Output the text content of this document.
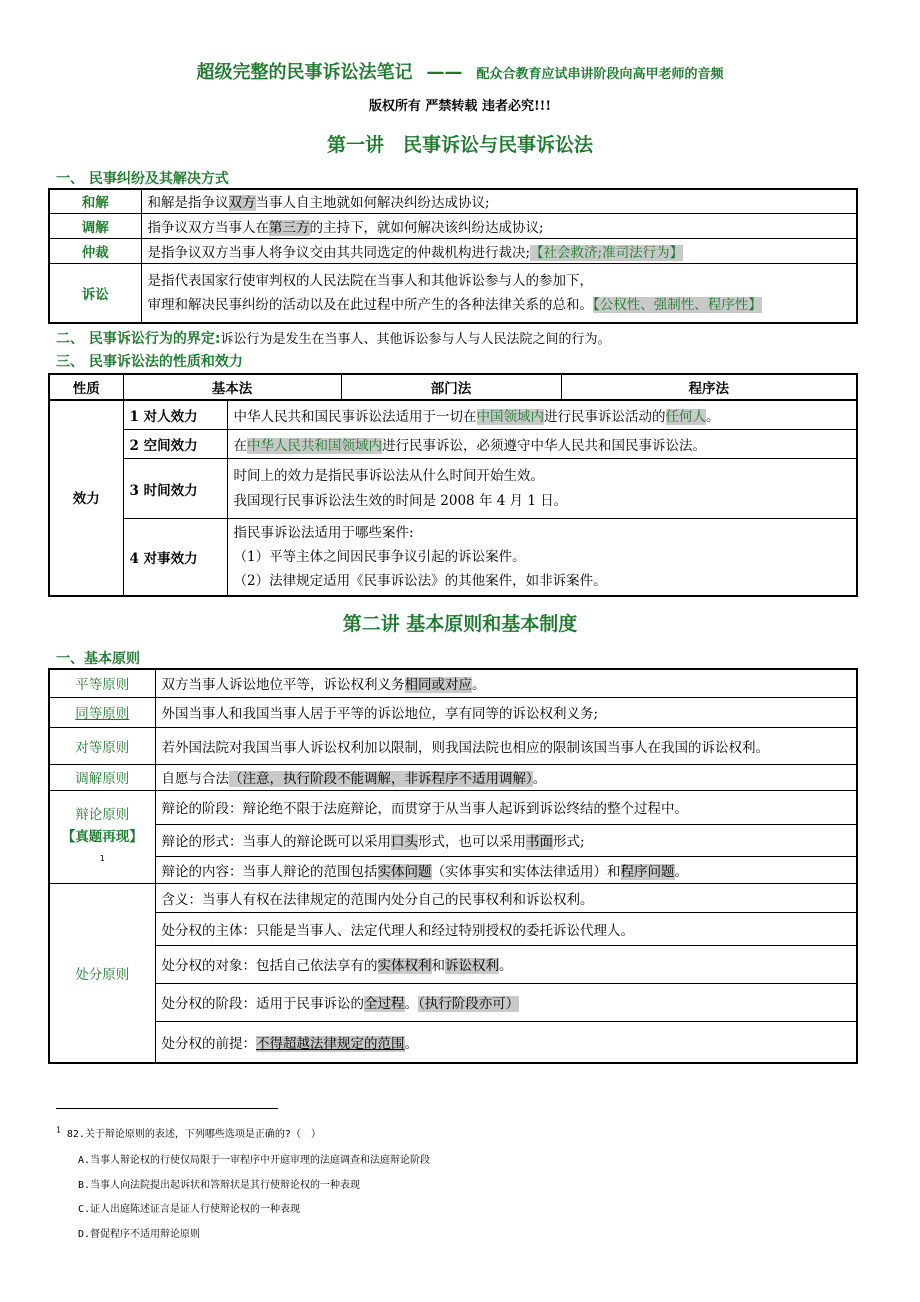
超级完整的民事诉讼法笔记 —— 配众合教育应试串讲阶段向高甲老师的音频
版权所有 严禁转载 违者必究!!!
第一讲　民事诉讼与民事诉讼法
一、 民事纠纷及其解决方式
和解	和解是指争议双方当事人自主地就如何解决纠纷达成协议;
调解	指争议双方当事人在第三方的主持下，就如何解决该纠纷达成协议;
仲裁	是指争议双方当事人将争议交由其共同选定的仲裁机构进行裁决;【社会救济;准司法行为】
诉讼	是指代表国家行使审判权的人民法院在当事人和其他诉讼参与人的参加下，
审理和解决民事纠纷的活动以及在此过程中所产生的各种法律关系的总和。【公权性、强制性、程序性】
二、 民事诉讼行为的界定:诉讼行为是发生在当事人、其他诉讼参与人与人民法院之间的行为。
三、 民事诉讼法的性质和效力
性质	基本法	部门法	程序法
效力	1 对人效力	中华人民共和国民事诉讼法适用于一切在中国领域内进行民事诉讼活动的任何人。
	2 空间效力	在中华人民共和国领域内进行民事诉讼，必须遵守中华人民共和国民事诉讼法。
	3 时间效力	时间上的效力是指民事诉讼法从什么时间开始生效。
我国现行民事诉讼法生效的时间是 2008 年 4 月 1 日。

	4 对事效力	指民事诉讼法适用于哪些案件:
（1）平等主体之间因民事争议引起的诉讼案件。
（2）法律规定适用《民事诉讼法》的其他案件，如非诉案件。
第二讲 基本原则和基本制度
一、基本原则
平等原则	双方当事人诉讼地位平等，诉讼权利义务相同或对应。
同等原则	外国当事人和我国当事人居于平等的诉讼地位，享有同等的诉讼权利义务;
对等原则	若外国法院对我国当事人诉讼权利加以限制，则我国法院也相应的限制该国当事人在我国的诉讼权利。
调解原则	自愿与合法（注意，执行阶段不能调解，非诉程序不适用调解）。

辩论原则
【真题再现】
1	辩论的阶段：辩论绝不限于法庭辩论，而贯穿于从当事人起诉到诉讼终结的整个过程中。
	辩论的形式：当事人的辩论既可以采用口头形式，也可以采用书面形式;
	辩论的内容：当事人辩论的范围包括实体问题（实体事实和实体法律适用）和程序问题。
处分原则	含义：当事人有权在法律规定的范围内处分自己的民事权利和诉讼权利。
	处分权的主体：只能是当事人、法定代理人和经过特别授权的委托诉讼代理人。
	处分权的对象：包括自己依法享有的实体权利和诉讼权利。
	处分权的阶段：适用于民事诉讼的全过程。（执行阶段亦可）
	处分权的前提：不得超越法律规定的范围。
$^1$ 82.关于辩论原则的表述，下列哪些选项是正确的?（　）
A.当事人辩论权的行使仅局限于一审程序中开庭审理的法庭调查和法庭辩论阶段
B.当事人向法院提出起诉状和答辩状是其行使辩论权的一种表现
C.证人出庭陈述证言是证人行使辩论权的一种表现
D.督促程序不适用辩论原则
